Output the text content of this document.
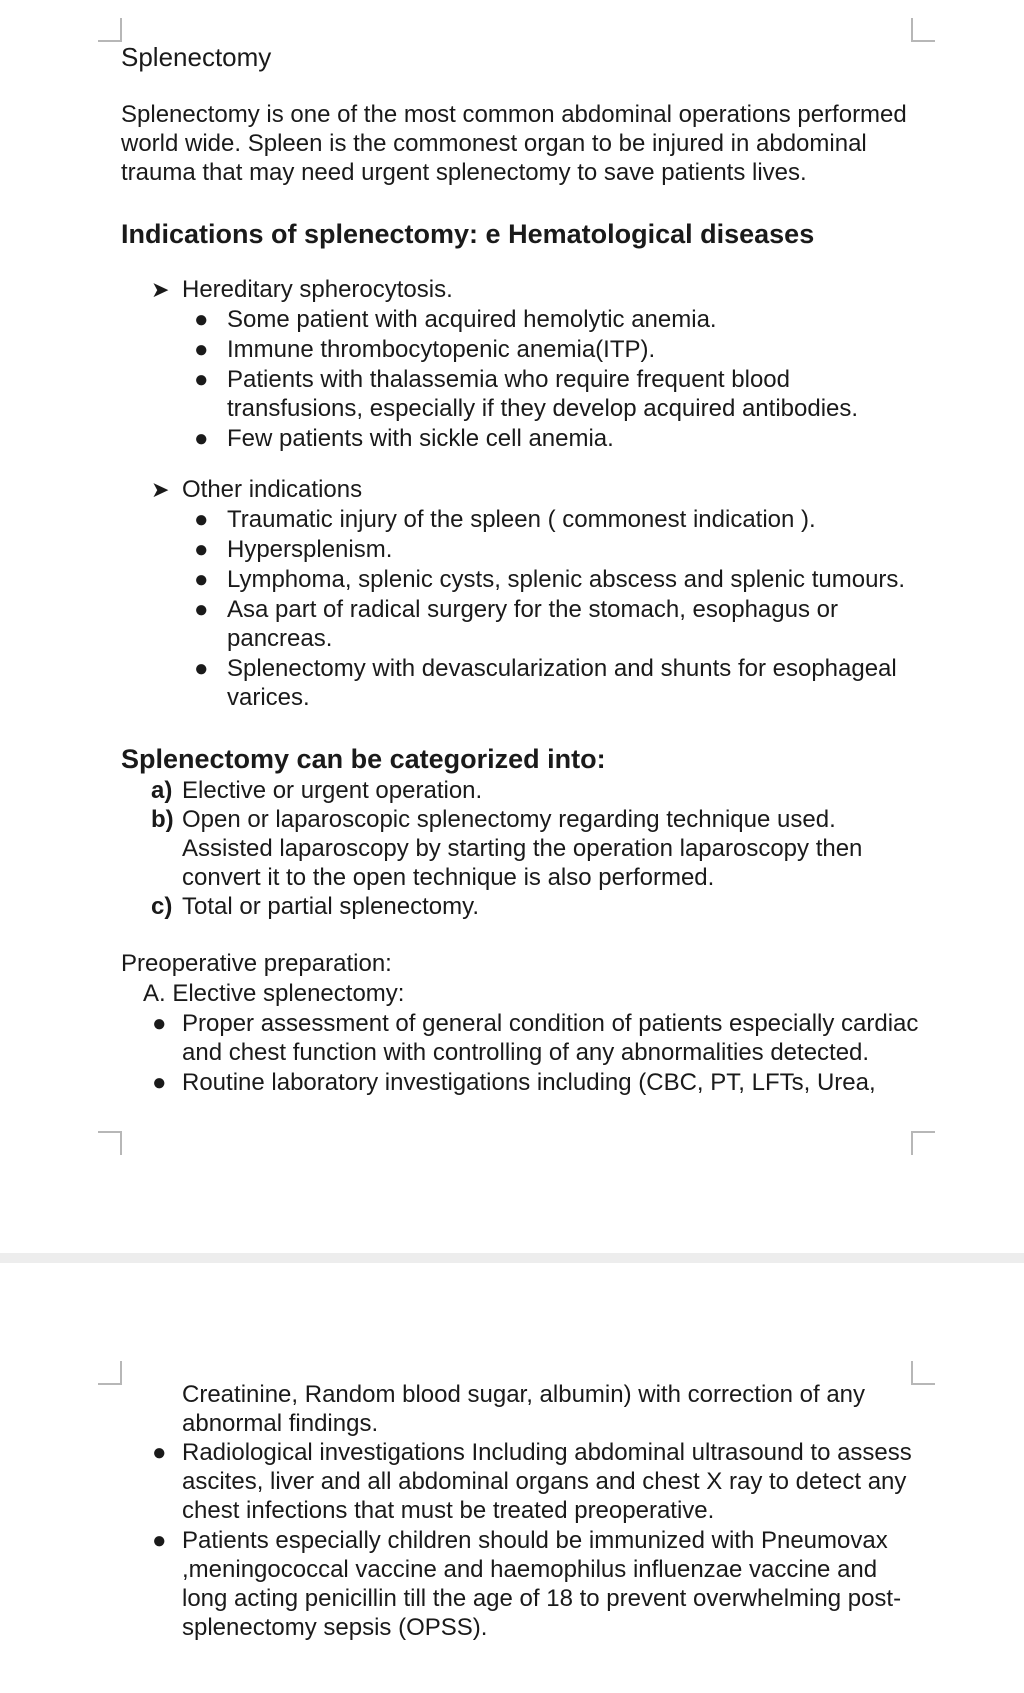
Splenectomy

Splenectomy is one of the most common abdominal operations performed world wide. Spleen is the commonest organ to be injured in abdominal trauma that may need urgent splenectomy to save patients lives.

Indications of splenectomy: e Hematological diseases
➤ Hereditary spherocytosis.
● Some patient with acquired hemolytic anemia.
● Immune thrombocytopenic anemia(ITP).
● Patients with thalassemia who require frequent blood transfusions, especially if they develop acquired antibodies.
● Few patients with sickle cell anemia.
➤ Other indications
● Traumatic injury of the spleen ( commonest indication ).
● Hypersplenism.
● Lymphoma, splenic cysts, splenic abscess and splenic tumours.
● Asa part of radical surgery for the stomach, esophagus or pancreas.
● Splenectomy with devascularization and shunts for esophageal varices.
Splenectomy can be categorized into:
a) Elective or urgent operation.
b) Open or laparoscopic splenectomy regarding technique used. Assisted laparoscopy by starting the operation laparoscopy then convert it to the open technique is also performed.
c) Total or partial splenectomy.
Preoperative preparation:
A. Elective splenectomy:
● Proper assessment of general condition of patients especially cardiac and chest function with controlling of any abnormalities detected.
● Routine laboratory investigations including (CBC, PT, LFTs, Urea,

Creatinine, Random blood sugar, albumin) with correction of any abnormal findings.

● Radiological investigations Including abdominal ultrasound to assess ascites, liver and all abdominal organs and chest X ray to detect any chest infections that must be treated preoperative.
● Patients especially children should be immunized with Pneumovax ,meningococcal vaccine and haemophilus influenzae vaccine and long acting penicillin till the age of 18 to prevent overwhelming post-splenectomy sepsis (OPSS).
